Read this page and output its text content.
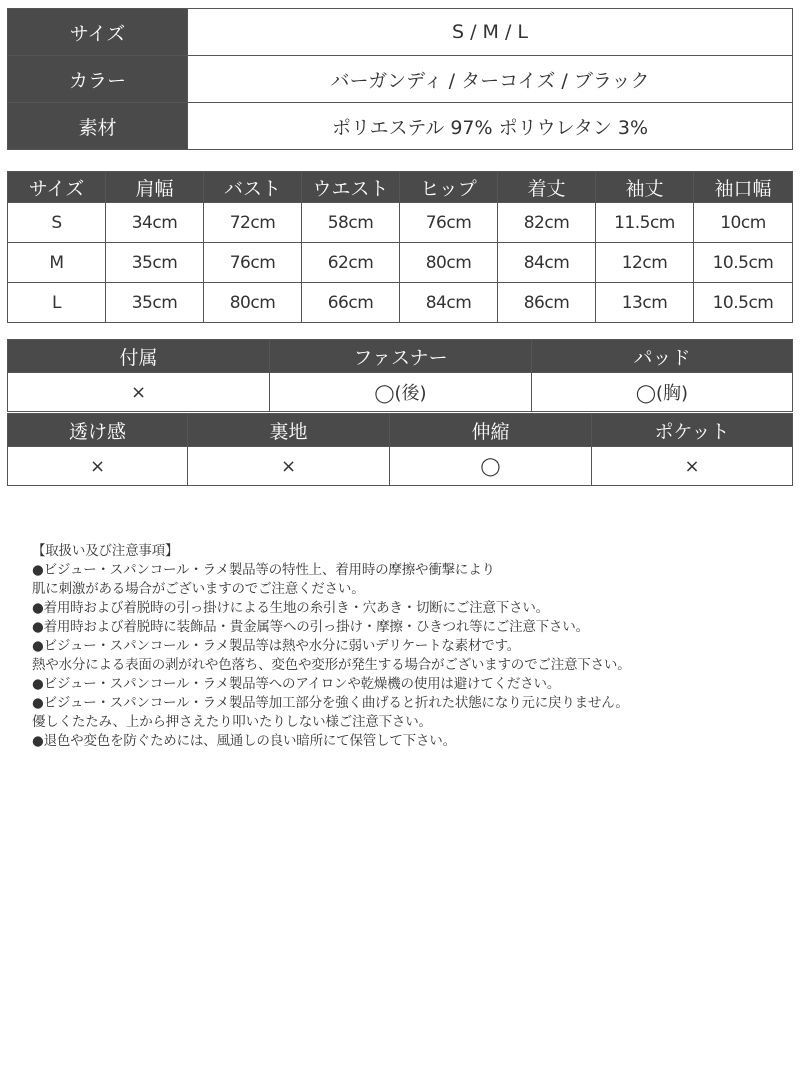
サイズ	S / M / L
カラー	バーガンディ / ターコイズ / ブラック
素材	ポリエステル 97% ポリウレタン 3%
サイズ	肩幅	バスト	ウエスト	ヒップ	着丈	袖丈	袖口幅
S	34cm	72cm	58cm	76cm	82cm	11.5cm	10cm
M	35cm	76cm	62cm	80cm	84cm	12cm	10.5cm
L	35cm	80cm	66cm	84cm	86cm	13cm	10.5cm
付属	ファスナー	パッド
×	◯(後)	◯(胸)
透け感	裏地	伸縮	ポケット
×	×	◯	×
【取扱い及び注意事項】
●ビジュー・スパンコール・ラメ製品等の特性上、着用時の摩擦や衝撃により
肌に刺激がある場合がございますのでご注意ください。
●着用時および着脱時の引っ掛けによる生地の糸引き・穴あき・切断にご注意下さい。
●着用時および着脱時に装飾品・貴金属等への引っ掛け・摩擦・ひきつれ等にご注意下さい。
●ビジュー・スパンコール・ラメ製品等は熱や水分に弱いデリケートな素材です。
熱や水分による表面の剥がれや色落ち、変色や変形が発生する場合がございますのでご注意下さい。
●ビジュー・スパンコール・ラメ製品等へのアイロンや乾燥機の使用は避けてください。
●ビジュー・スパンコール・ラメ製品等加工部分を強く曲げると折れた状態になり元に戻りません。
優しくたたみ、上から押さえたり叩いたりしない様ご注意下さい。
●退色や変色を防ぐためには、風通しの良い暗所にて保管して下さい。
